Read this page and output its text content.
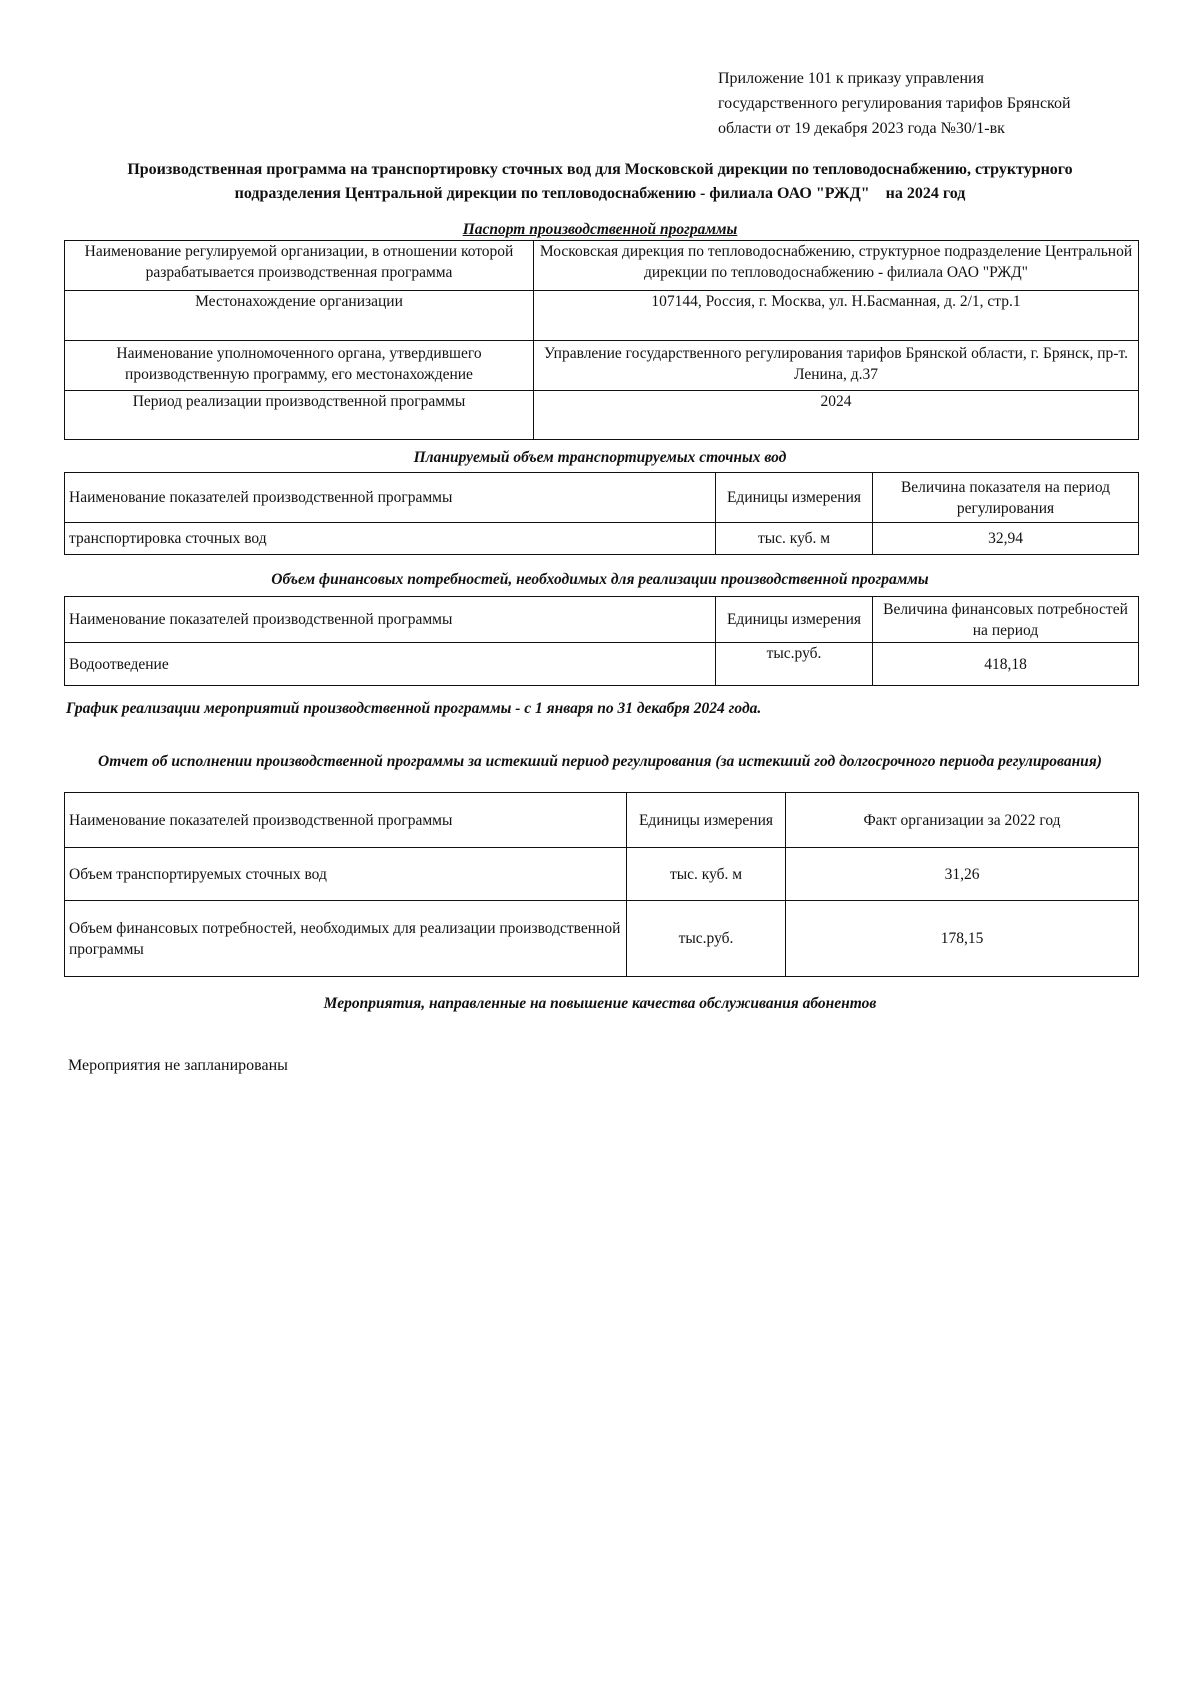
Приложение 101 к приказу управления
государственного регулирования тарифов Брянской
области от 19 декабря 2023 года №30/1-вк
Производственная программа на транспортировку сточных вод для Московской дирекции по тепловодоснабжению, структурного
подразделения Центральной дирекции по тепловодоснабжению - филиала ОАО "РЖД"    на 2024 год
Паспорт производственной программы
Наименование регулируемой организации, в отношении которой разрабатывается производственная программа	Московская дирекция по тепловодоснабжению, структурное подразделение Центральной дирекции по тепловодоснабжению - филиала ОАО "РЖД"
Местонахождение организации	107144, Россия, г. Москва, ул. Н.Басманная, д. 2/1, стр.1
Наименование уполномоченного органа, утвердившего производственную программу, его местонахождение	Управление государственного регулирования тарифов Брянской области, г. Брянск, пр-т. Ленина, д.37
Период реализации производственной программы	2024
Планируемый объем транспортируемых сточных вод
Наименование показателей производственной программы	Единицы измерения	Величина показателя на период регулирования
транспортировка сточных вод	тыс. куб. м	32,94
Объем финансовых потребностей, необходимых для реализации производственной программы
Наименование показателей производственной программы	Единицы измерения	Величина финансовых потребностей на период
Водоотведение	тыс.руб.	418,18
График реализации мероприятий производственной программы - с 1 января по 31 декабря 2024 года.
Отчет об исполнении производственной программы за истекший период регулирования (за истекший год долгосрочного периода регулирования)
Наименование показателей производственной программы	Единицы измерения	Факт организации за 2022 год
Объем транспортируемых сточных вод	тыс. куб. м	31,26
Объем финансовых потребностей, необходимых для реализации производственной программы	тыс.руб.	178,15
Мероприятия, направленные на повышение качества обслуживания абонентов
Мероприятия не запланированы
